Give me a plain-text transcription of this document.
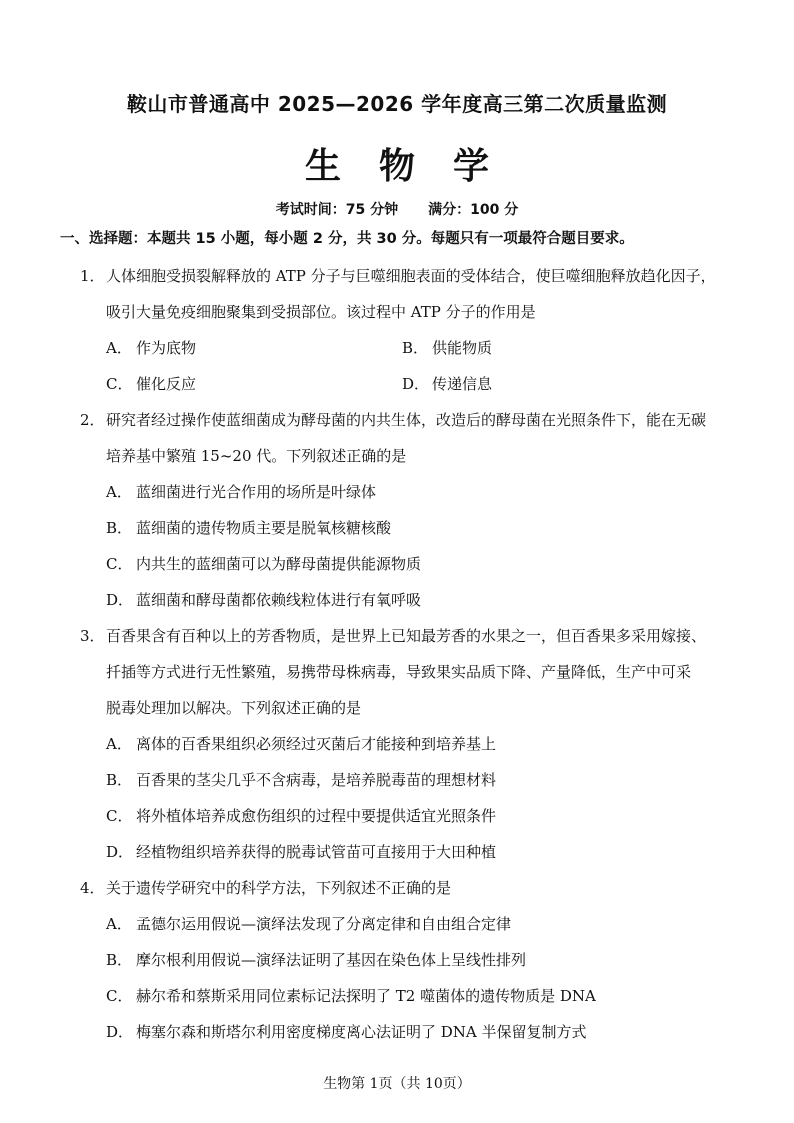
鞍山市普通高中 2025—2026 学年度高三第二次质量监测
生物学
考试时间：75 分钟 满分：100 分
一、选择题：本题共 15 小题，每小题 2 分，共 30 分。每题只有一项最符合题目要求。
1． 人体细胞受损裂解释放的 ATP 分子与巨噬细胞表面的受体结合，使巨噬细胞释放趋化因子，

吸引大量免疫细胞聚集到受损部位。该过程中 ATP 分子的作用是

A． 作为底物	B． 供能物质
C． 催化反应	D． 传递信息
2． 研究者经过操作使蓝细菌成为酵母菌的内共生体，改造后的酵母菌在光照条件下，能在无碳

培养基中繁殖 15~20 代。下列叙述正确的是

A． 蓝细菌进行光合作用的场所是叶绿体
B． 蓝细菌的遗传物质主要是脱氧核糖核酸
C． 内共生的蓝细菌可以为酵母菌提供能源物质
D． 蓝细菌和酵母菌都依赖线粒体进行有氧呼吸
3． 百香果含有百种以上的芳香物质，是世界上已知最芳香的水果之一，但百香果多采用嫁接、

扦插等方式进行无性繁殖，易携带母株病毒，导致果实品质下降、产量降低，生产中可采

脱毒处理加以解决。下列叙述正确的是

A． 离体的百香果组织必须经过灭菌后才能接种到培养基上
B． 百香果的茎尖几乎不含病毒，是培养脱毒苗的理想材料
C． 将外植体培养成愈伤组织的过程中要提供适宜光照条件
D． 经植物组织培养获得的脱毒试管苗可直接用于大田种植
4． 关于遗传学研究中的科学方法，下列叙述不正确的是

A． 孟德尔运用假说—演绎法发现了分离定律和自由组合定律
B． 摩尔根利用假说—演绎法证明了基因在染色体上呈线性排列
C． 赫尔希和蔡斯采用同位素标记法探明了 T2 噬菌体的遗传物质是 DNA
D． 梅塞尔森和斯塔尔利用密度梯度离心法证明了 DNA 半保留复制方式
生物第 1页（共 10页）
